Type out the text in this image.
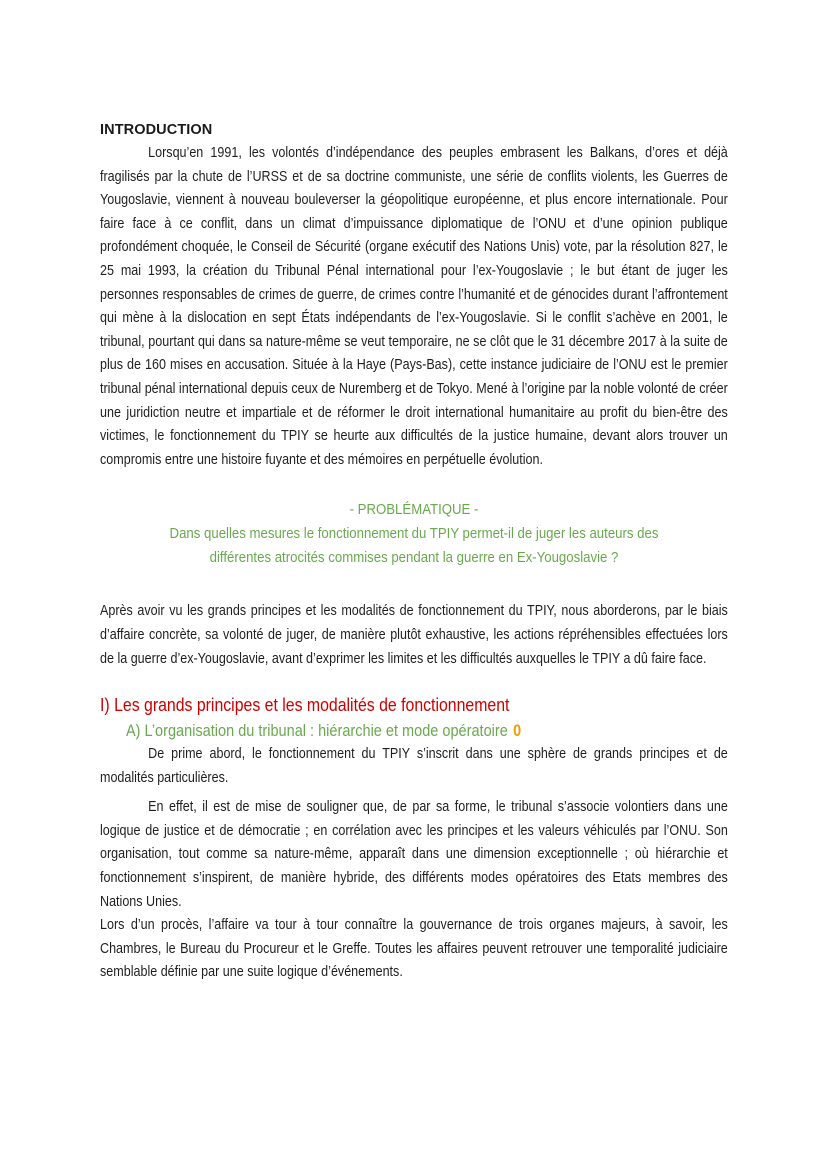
INTRODUCTION

Lorsqu’en 1991, les volontés d’indépendance des peuples embrasent les Balkans, d’ores et déjà fragilisés par la chute de l’URSS et de sa doctrine communiste, une série de conflits violents, les Guerres de Yougoslavie, viennent à nouveau bouleverser la géopolitique européenne, et plus encore internationale. Pour faire face à ce conflit, dans un climat d’impuissance diplomatique de l’ONU et d’une opinion publique profondément choquée, le Conseil de Sécurité (organe exécutif des Nations Unis) vote, par la résolution 827, le 25 mai 1993, la création du Tribunal Pénal international pour l’ex-Yougoslavie ; le but étant de juger les personnes responsables de crimes de guerre, de crimes contre l’humanité et de génocides durant l’affrontement qui mène à la dislocation en sept États indépendants de l’ex-Yougoslavie. Si le conflit s’achève en 2001, le tribunal, pourtant qui dans sa nature-même se veut temporaire, ne se clôt que le 31 décembre 2017 à la suite de plus de 160 mises en accusation. Située à la Haye (Pays-Bas), cette instance judiciaire de l’ONU est le premier tribunal pénal international depuis ceux de Nuremberg et de Tokyo. Mené à l’origine par la noble volonté de créer une juridiction neutre et impartiale et de réformer le droit international humanitaire au profit du bien-être des victimes, le fonctionnement du TPIY se heurte aux difficultés de la justice humaine, devant alors trouver un compromis entre une histoire fuyante et des mémoires en perpétuelle évolution.

- PROBLÉMATIQUE -

Dans quelles mesures le fonctionnement du TPIY permet-il de juger les auteurs des

différentes atrocités commises pendant la guerre en Ex-Yougoslavie ?

Après avoir vu les grands principes et les modalités de fonctionnement du TPIY, nous aborderons, par le biais d’affaire concrète, sa volonté de juger, de manière plutôt exhaustive, les actions répréhensibles effectuées lors de la guerre d’ex-Yougoslavie, avant d’exprimer les limites et les difficultés auxquelles le TPIY a dû faire face.

I) Les grands principes et les modalités de fonctionnement
A) L’organisation du tribunal : hiérarchie et mode opératoire 0

De prime abord, le fonctionnement du TPIY s’inscrit dans une sphère de grands principes et de modalités particulières.

En effet, il est de mise de souligner que, de par sa forme, le tribunal s’associe volontiers dans une logique de justice et de démocratie ; en corrélation avec les principes et les valeurs véhiculés par l’ONU. Son organisation, tout comme sa nature-même, apparaît dans une dimension exceptionnelle ; où hiérarchie et fonctionnement s’inspirent, de manière hybride, des différents modes opératoires des Etats membres des Nations Unies.

Lors d’un procès, l’affaire va tour à tour connaître la gouvernance de trois organes majeurs, à savoir, les Chambres, le Bureau du Procureur et le Greffe. Toutes les affaires peuvent retrouver une temporalité judiciaire semblable définie par une suite logique d’événements.
